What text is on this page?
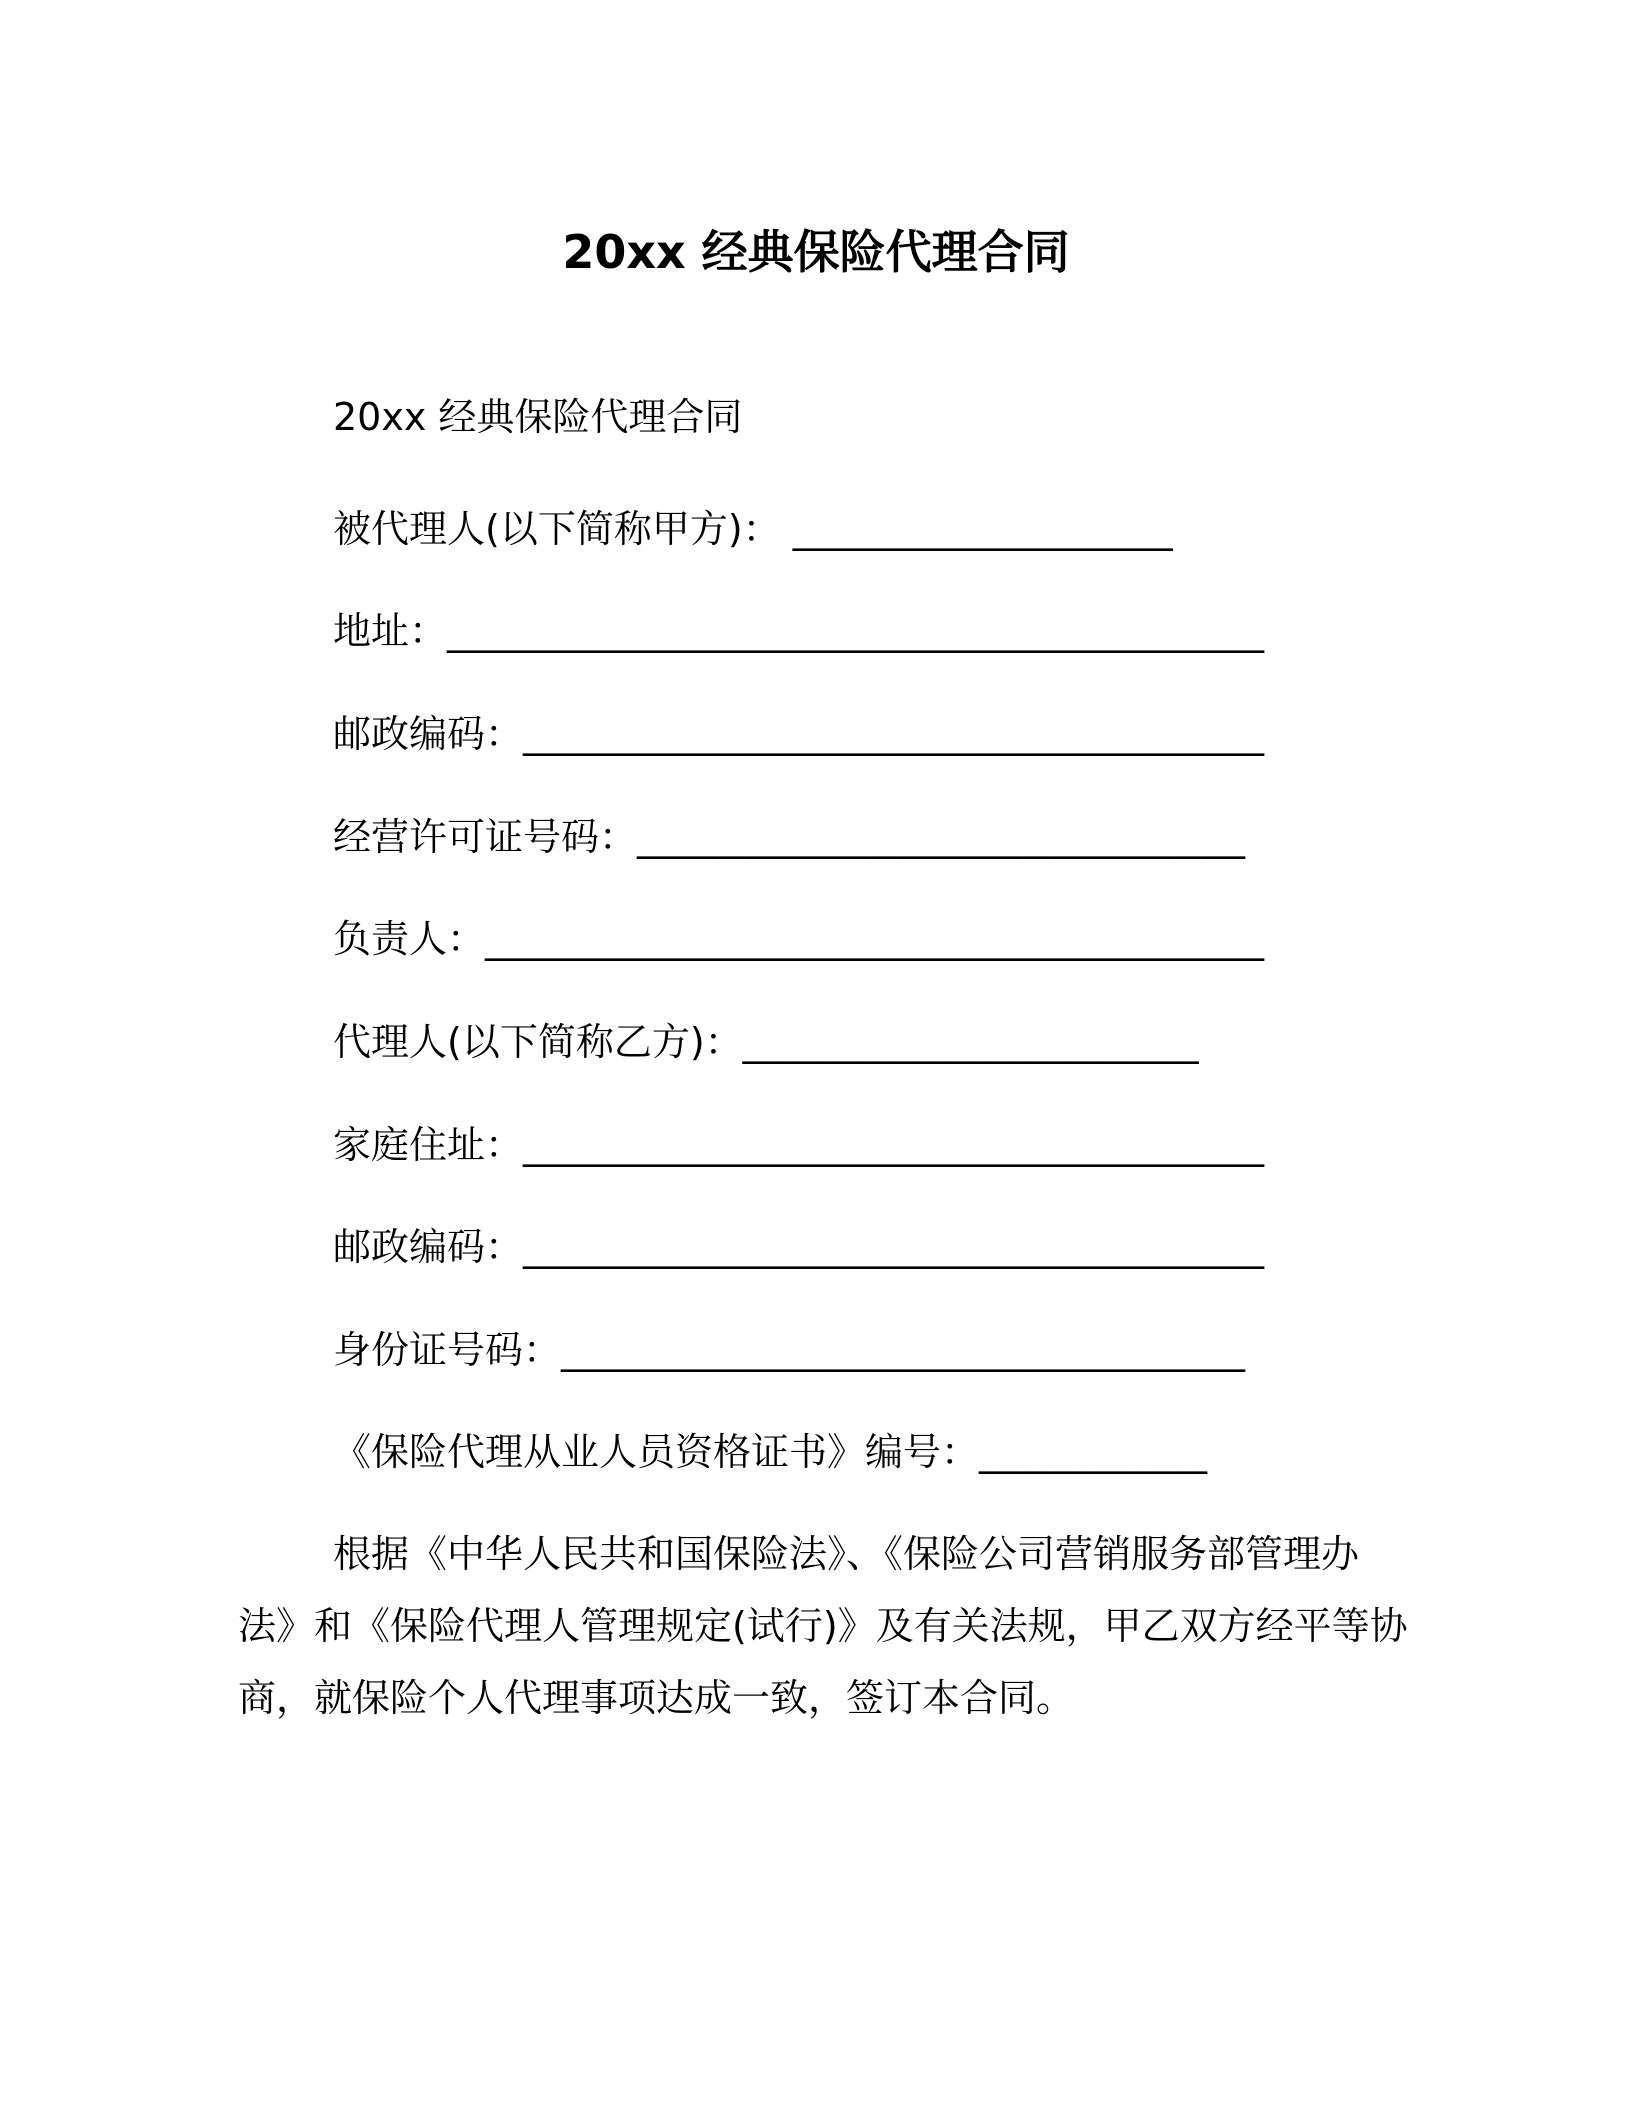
20xx 经典保险代理合同
20xx 经典保险代理合同
被代理人(以下简称甲方)： ____________________
地址：___________________________________________
邮政编码：_______________________________________
经营许可证号码：________________________________
负责人：_________________________________________
代理人(以下简称乙方)：________________________
家庭住址：_______________________________________
邮政编码：_______________________________________
身份证号码：____________________________________
《保险代理从业人员资格证书》编号：____________
根据《中华人民共和国保险法》、《保险公司营销服务部管理办
法》和《保险代理人管理规定(试行)》及有关法规，甲乙双方经平等协
商，就保险个人代理事项达成一致，签订本合同。
